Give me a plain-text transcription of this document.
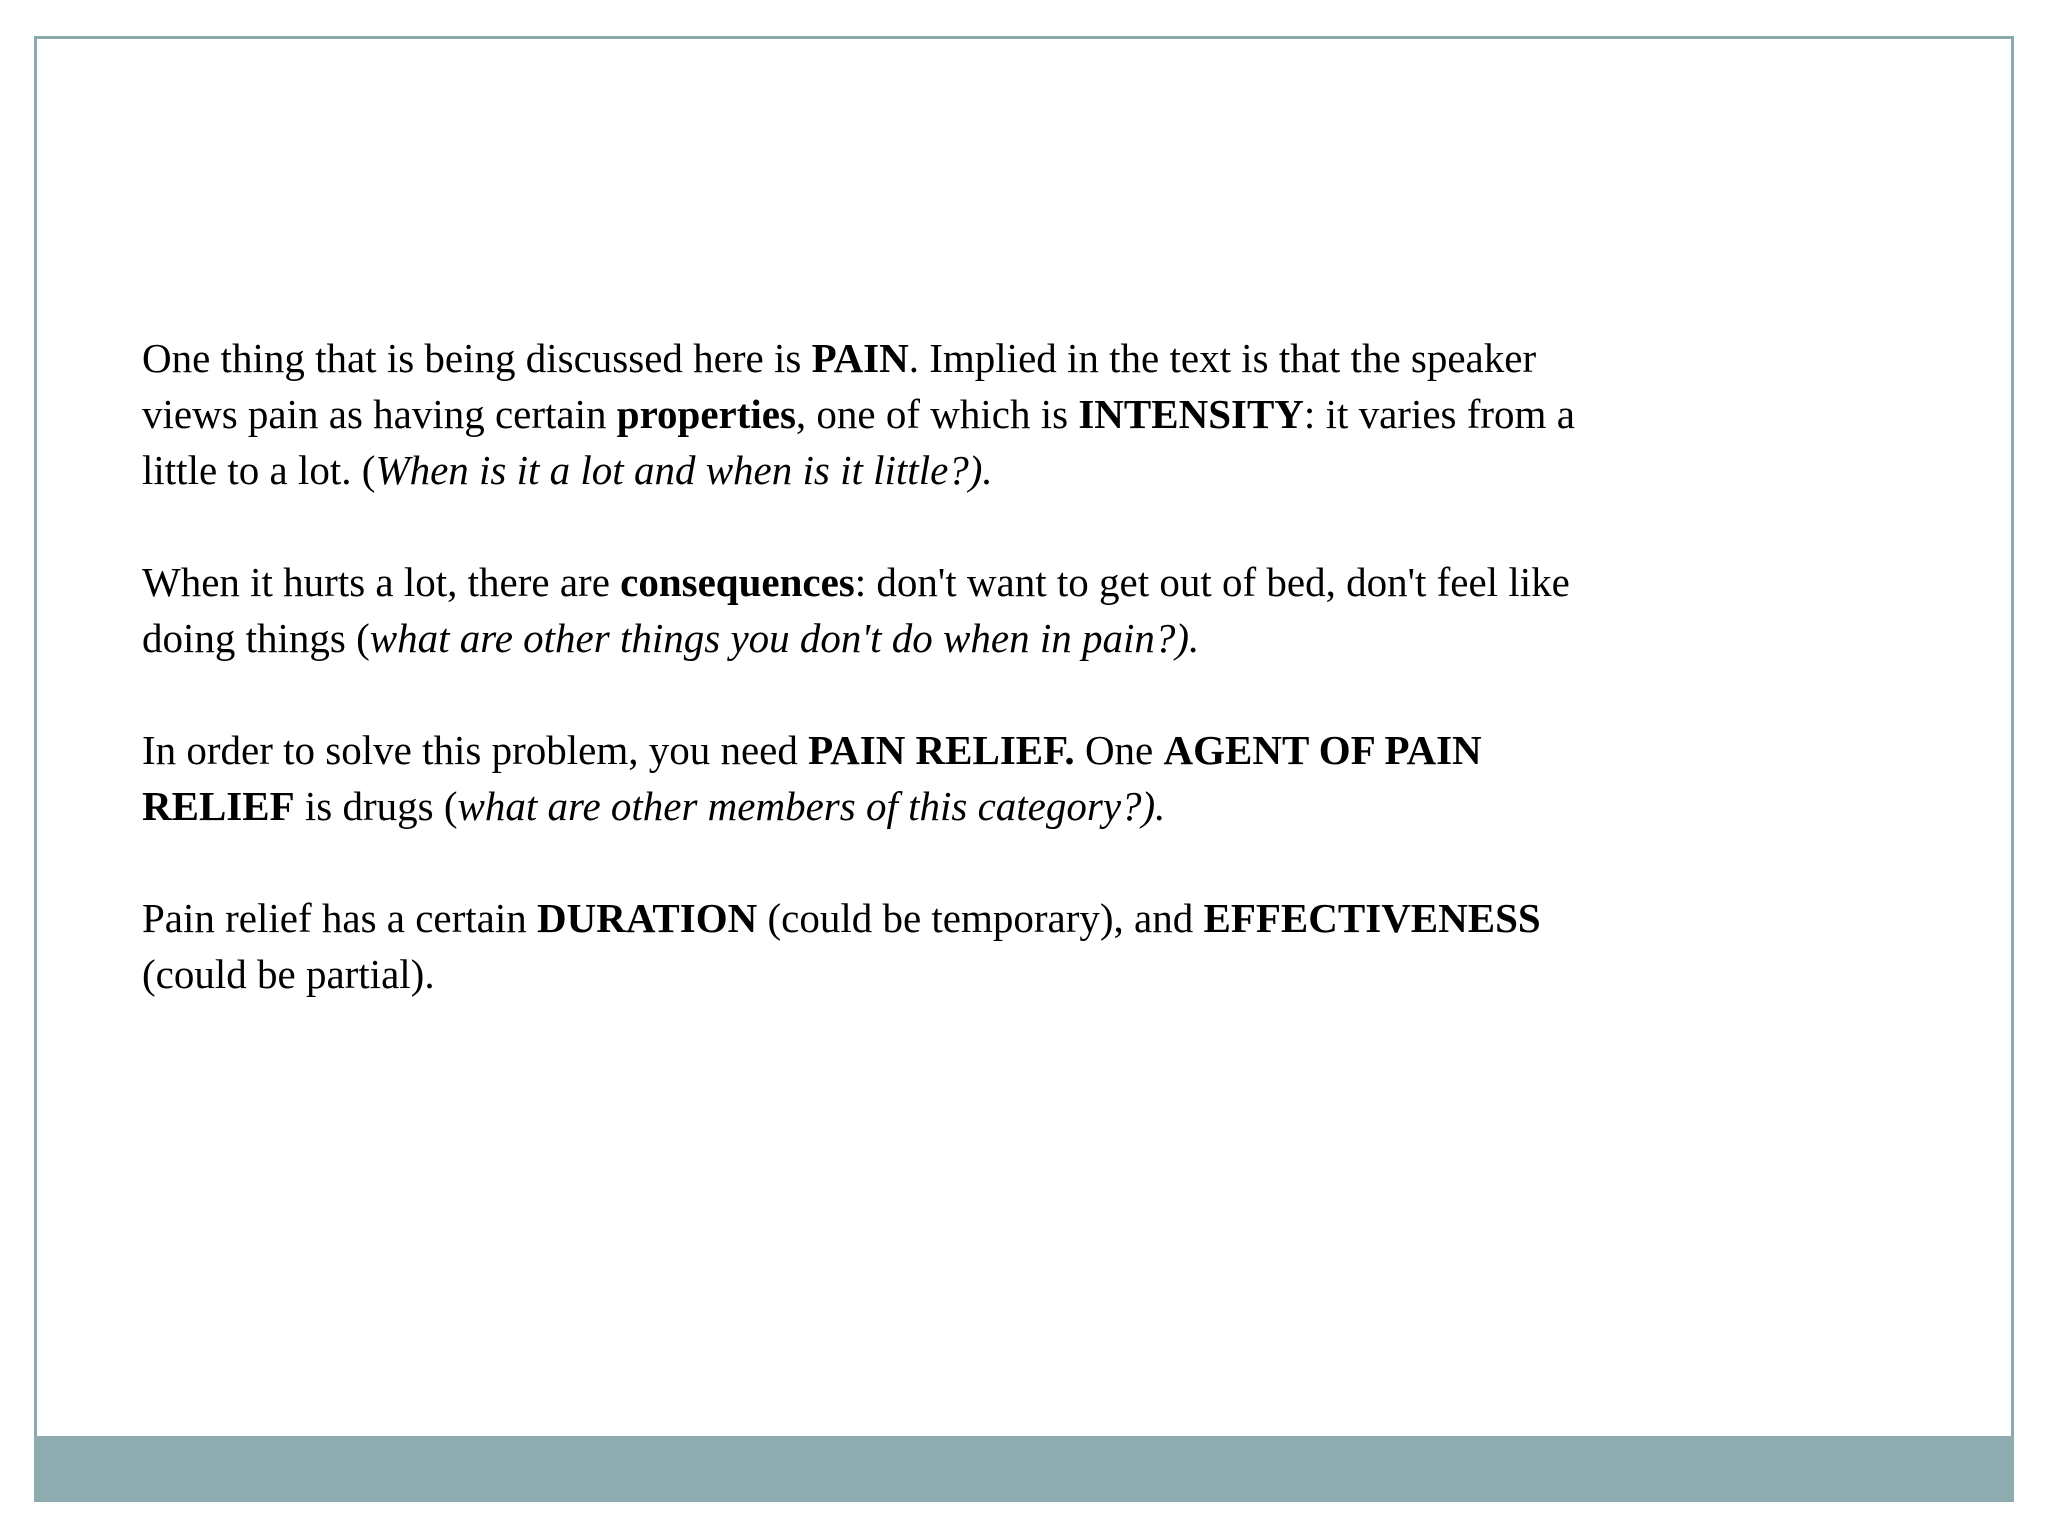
One thing that is being discussed here is PAIN. Implied in the text is that the speaker
views pain as having certain properties, one of which is INTENSITY: it varies from a
little to a lot. (When is it a lot and when is it little?).

When it hurts a lot, there are consequences: don't want to get out of bed, don't feel like
doing things (what are other things you don't do when in pain?).

In order to solve this problem, you need PAIN RELIEF. One AGENT OF PAIN
RELIEF is drugs (what are other members of this category?).

Pain relief has a certain DURATION (could be temporary), and EFFECTIVENESS
(could be partial).
